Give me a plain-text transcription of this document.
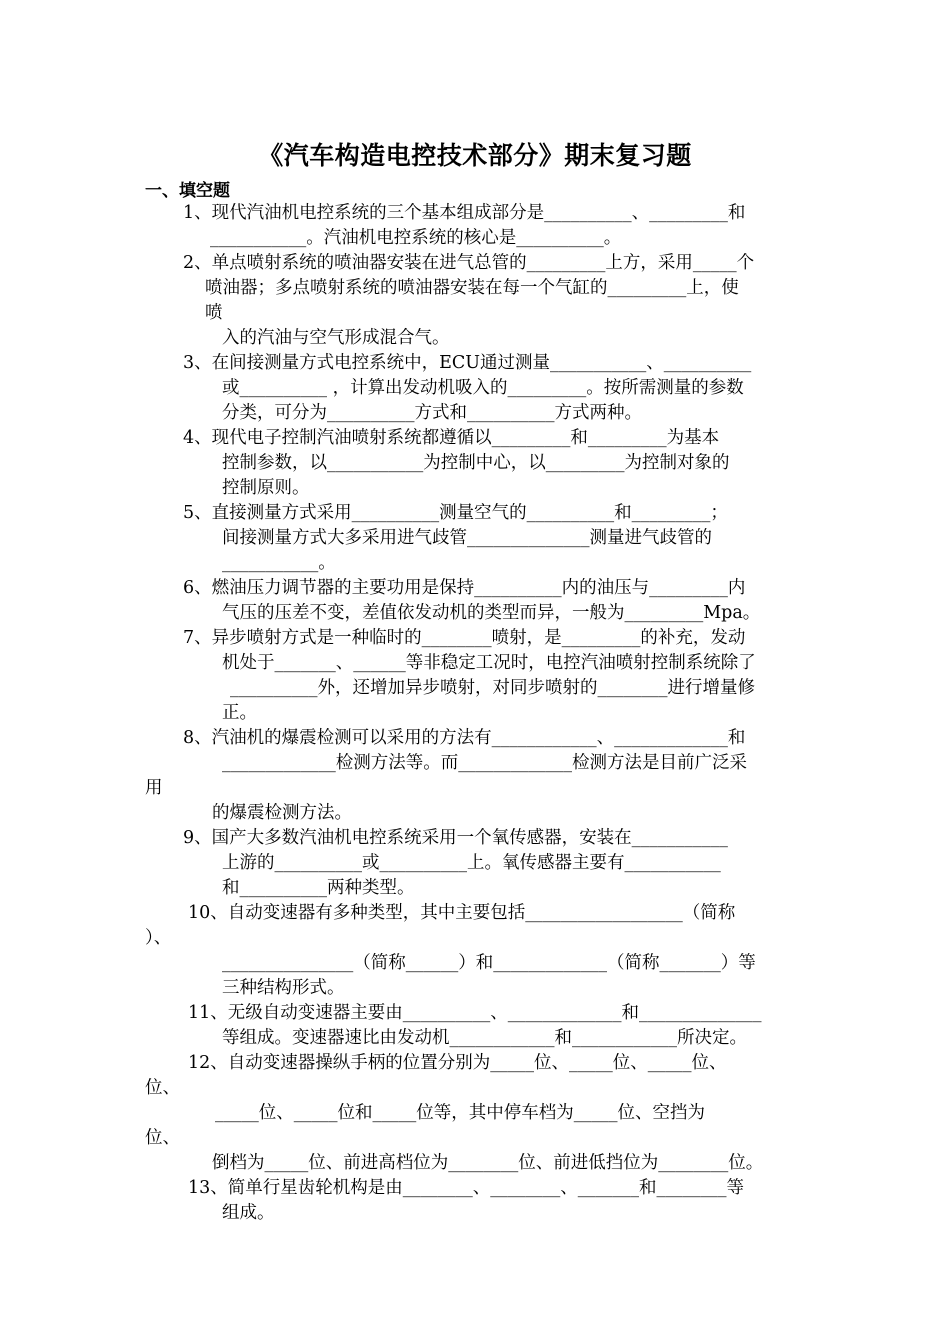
《汽车构造电控技术部分》期末复习题
一、填空题
1、现代汽油机电控系统的三个基本组成部分是__________、_________和
___________。汽油机电控系统的核心是__________。
2、单点喷射系统的喷油器安装在进气总管的_________上方，采用_____个
喷油器；多点喷射系统的喷油器安装在每一个气缸的_________上，使
喷
入的汽油与空气形成混合气。
3、在间接测量方式电控系统中，ECU通过测量___________、__________
或__________ ，计算出发动机吸入的_________。按所需测量的参数
分类，可分为__________方式和__________方式两种。
4、现代电子控制汽油喷射系统都遵循以_________和_________为基本
控制参数，以___________为控制中心，以_________为控制对象的
控制原则。
5、直接测量方式采用__________测量空气的__________和_________；
间接测量方式大多采用进气歧管______________测量进气歧管的
___________。
6、燃油压力调节器的主要功用是保持__________内的油压与_________内
气压的压差不变，差值依发动机的类型而异，一般为_________Mpa。
7、异步喷射方式是一种临时的________喷射，是_________的补充，发动
机处于_______、______等非稳定工况时，电控汽油喷射控制系统除了
__________外，还增加异步喷射，对同步喷射的________进行增量修
正。
8、汽油机的爆震检测可以采用的方法有____________、_____________和
_____________检测方法等。而_____________检测方法是目前广泛采
用
的爆震检测方法。
9、国产大多数汽油机电控系统采用一个氧传感器，安装在___________
上游的__________或__________上。氧传感器主要有___________
和__________两种类型。
10、自动变速器有多种类型，其中主要包括__________________（简称
）、
_______________（简称______）和_____________（简称_______）等
三种结构形式。
11、无级自动变速器主要由__________、_____________和______________
等组成。变速器速比由发动机____________和____________所决定。
12、自动变速器操纵手柄的位置分别为_____位、_____位、_____位、
位、
_____位、_____位和_____位等，其中停车档为_____位、空挡为
位、
倒档为_____位、前进高档位为________位、前进低挡位为________位。
13、简单行星齿轮机构是由________、________、_______和________等
组成。
